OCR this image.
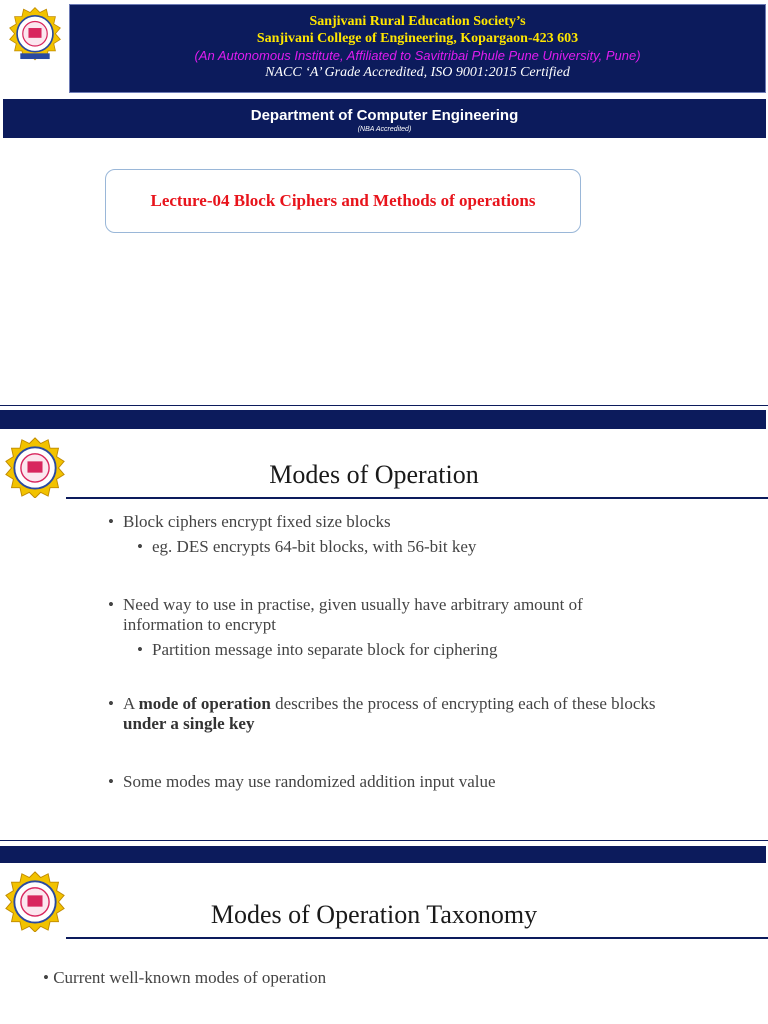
Sanjivani Rural Education Society’s
Sanjivani College of Engineering, Kopargaon-423 603
(An Autonomous Institute, Affiliated to Savitribai Phule Pune University, Pune)
NACC ‘A’ Grade Accredited, ISO 9001:2015 Certified
Department of Computer Engineering
(NBA Accredited)
Lecture-04 Block Ciphers and Methods of operations
Modes of Operation
• Block ciphers encrypt fixed size blocks
• eg. DES encrypts 64-bit blocks, with 56-bit key
• Need way to use in practise, given usually have arbitrary amount of information to encrypt
• Partition message into separate block for ciphering
• A mode of operation describes the process of encrypting each of these blocks under a single key
• Some modes may use randomized addition input value
Modes of Operation Taxonomy
• Current well-known modes of operation
